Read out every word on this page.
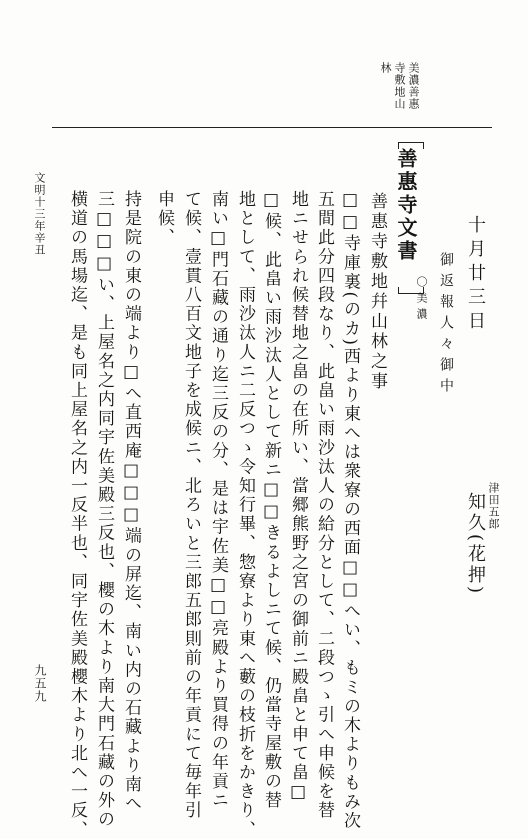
美濃善惠
寺敷地山
林
十月廿三日
御返報人々御中
津田五郎
知久(花押)
善惠寺文書
〇美濃
善惠寺敷地幷山林之事
□□寺庫裏(のカ)西より東へは衆寮の西面□□へい、もミの木よりもみ次
五間此分四段なり、此畠い雨沙汰人の給分として、二段つゝ引へ申候を替
地ニせられ候替地之畠の在所い、當郷熊野之宮の御前ニ殿畠と申て畠□
□候、此畠い雨沙汰人として新ニ□□きるよしニて候、仍當寺屋敷の替
地として、雨沙汰人ニ二反つゝ令知行畢、惣寮より東へ藪の枝折をかきり、
南い□門石藏の通り迄三反の分、是は宇佐美□□亮殿より買得の年貢ニ
て候、壹貫八百文地子を成候ニ、北ろいと三郎五郎則前の年貢にて毎年引
申候、
持是院の東の端より□へ直西庵□□□端の屏迄、南い内の石藏より南へ
三□□□い、上屋名之内同宇佐美殿三反也、櫻の木より南大門石藏の外の
横道の馬場迄、是も同上屋名之内一反半也、同宇佐美殿櫻木より北へ一反、
文明十三年辛丑
九五九
